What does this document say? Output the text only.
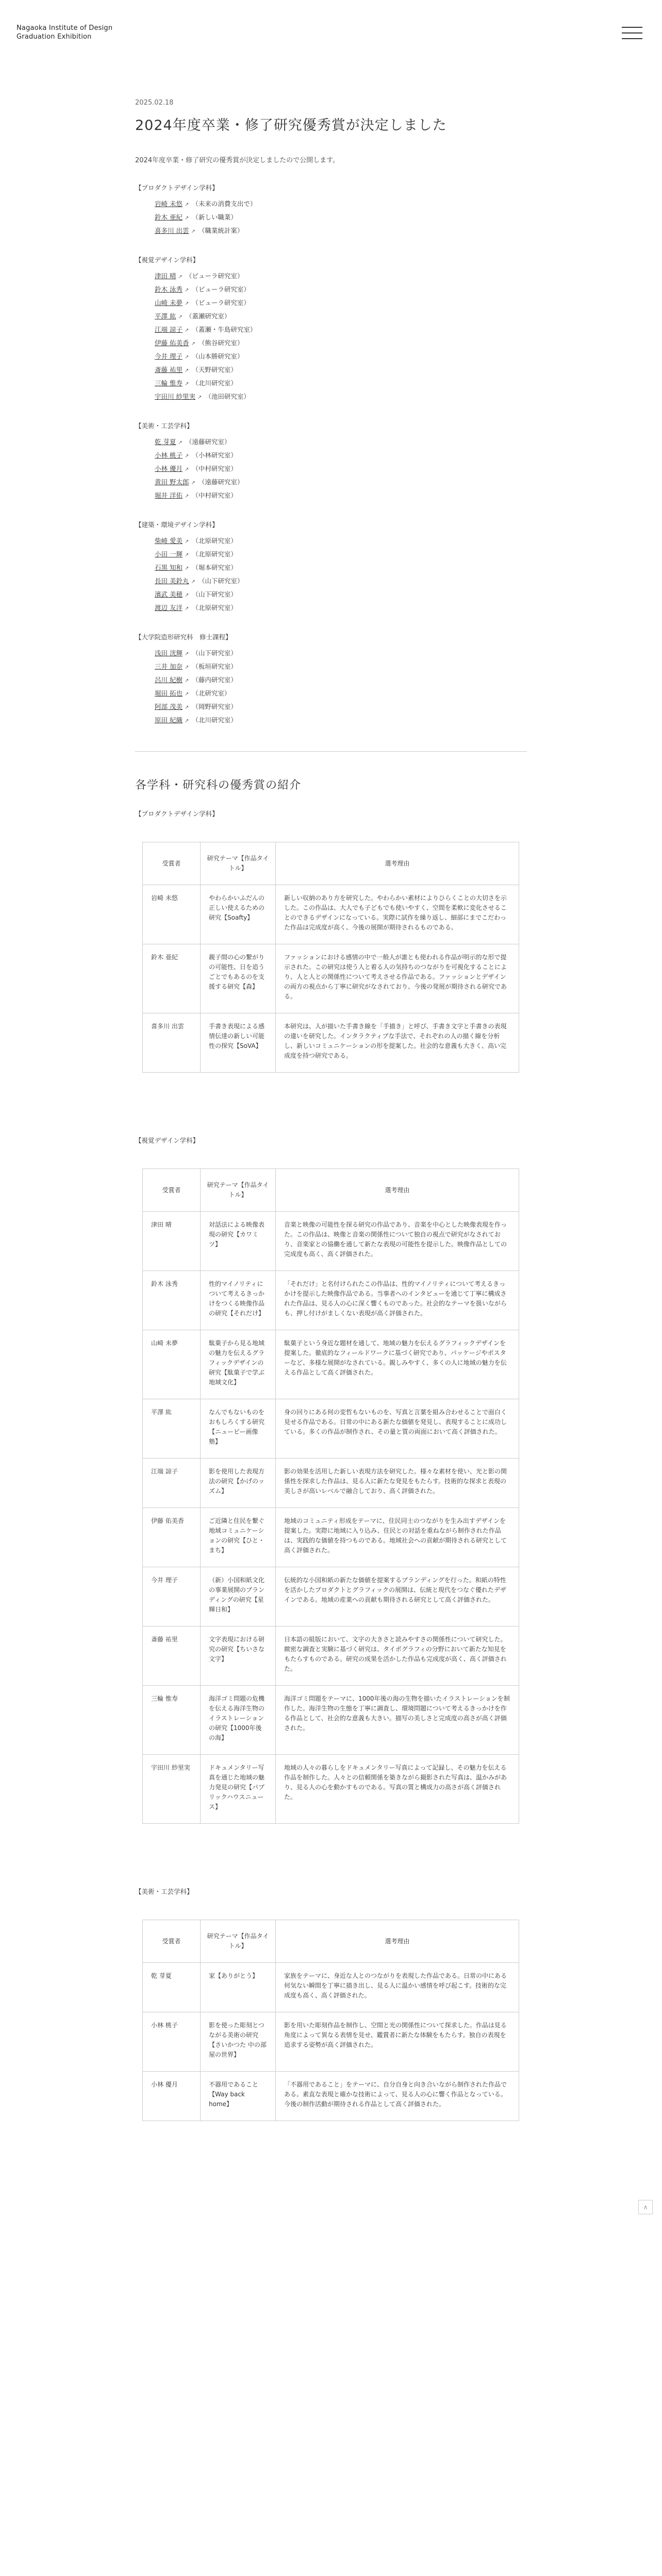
Nagaoka Institute of Design
Graduation Exhibition
2025.02.18
2024年度卒業・修了研究優秀賞が決定しました

2024年度卒業・修了研究の優秀賞が決定しましたので公開します。

【プロダクトデザイン学科】
岩崎 未悠 ↗ （未来の消費支出で）
鈴木 亜紀 ↗ （新しい職業）
喜多川 出雲 ↗ （職業統計案）
【視覚デザイン学科】
津田 晴 ↗ （ビューラ研究室）
鈴木 泳秀 ↗ （ビューラ研究室）
山崎 未夢 ↗ （ビューラ研究室）
平澤 紘 ↗ （蓋瀬研究室）
江端 諒子 ↗ （蓋瀬・牛島研究室）
伊藤 佑美香 ↗ （熊谷研究室）
今井 理子 ↗ （山本勝研究室）
斎藤 祐里 ↗ （天野研究室）
三輪 惟寿 ↗ （北川研究室）
宇田川 紗里実 ↗ （池田研究室）
【美術・工芸学科】
乾 芽夏 ↗ （遠藤研究室）
小林 桃子 ↗ （小林研究室）
小林 優月 ↗ （中村研究室）
黄田 野太郎 ↗ （遠藤研究室）
堀井 洋佑 ↗ （中村研究室）
【建築・環境デザイン学科】
柴崎 愛美 ↗ （北原研究室）
小田 一輝 ↗ （北原研究室）
石黒 知和 ↗ （堀本研究室）
長田 美鈴丸 ↗ （山下研究室）
濱武 美穂 ↗ （山下研究室）
渡辺 友洋 ↗ （北原研究室）
【大学院造形研究科　修士課程】
浅田 洸輝 ↗ （山下研究室）
三井 加奈 ↗ （板垣研究室）
呂川 紀樹 ↗ （藤内研究室）
堀田 拓也 ↗ （北研究室）
阿部 茂美 ↗ （岡野研究室）
原田 紀織 ↗ （北川研究室）
各学科・研究科の優秀賞の紹介
【プロダクトデザイン学科】
受賞者	研究テーマ【作品タイトル】	選考理由
岩崎 未悠	やわらかいふだんの正しい使えるための研究【Soafty】	新しい収納のあり方を研究した。やわらかい素材によりひらくことの大切さを示した。この作品は、大人でも子どもでも使いやすく、空間を柔軟に変化させることのできるデザインになっている。実際に試作を繰り返し、細部にまでこだわった作品は完成度が高く、今後の展開が期待されるものである。
鈴木 亜紀	親子間の心の繋がりの可能性、日を追うごとでもあるのを支援する研究【森】	ファッションにおける感情の中で一般人が誰とも使われる作品が明示的な形で提示された。この研究は使う人と着る人の気持ちのつながりを可視化することにより、人と人との関係性について考えさせる作品である。ファッションとデザインの両方の視点から丁寧に研究がなされており、今後の発展が期待される研究である。
喜多川 出雲	手書き表現による感情伝達の新しい可能性の探究【SoVA】	本研究は、人が描いた手書き線を「手描き」と呼び、手書き文字と手書きの表現の違いを研究した。インタラクティブな手法で、それぞれの人の描く線を分析し、新しいコミュニケーションの形を提案した。社会的な意義も大きく、高い完成度を持つ研究である。
【視覚デザイン学科】
受賞者	研究テーマ【作品タイトル】	選考理由
津田 晴	対話法による映像表現の研究【カワミツ】	音楽と映像の可能性を探る研究の作品であり、音楽を中心とした映像表現を作った。この作品は、映像と音楽の関係性について独自の視点で研究がなされており、音楽家との協働を通して新たな表現の可能性を提示した。映像作品としての完成度も高く、高く評価された。
鈴木 泳秀	性的マイノリティについて考えるきっかけをつくる映像作品の研究【それだけ】	「それだけ」と名付けられたこの作品は、性的マイノリティについて考えるきっかけを提示した映像作品である。当事者へのインタビューを通じて丁寧に構成された作品は、見る人の心に深く響くものであった。社会的なテーマを扱いながらも、押し付けがましくない表現が高く評価された。
山崎 未夢	駄菓子から見る地域の魅力を伝えるグラフィックデザインの研究【駄菓子で学ぶ地域文化】	駄菓子という身近な題材を通して、地域の魅力を伝えるグラフィックデザインを提案した。徹底的なフィールドワークに基づく研究であり、パッケージやポスターなど、多様な展開がなされている。親しみやすく、多くの人に地域の魅力を伝える作品として高く評価された。
平澤 紘	なんでもないものをおもしろくする研究【ニュービー画像塾】	身の回りにある何の変哲もないものを、写真と言葉を組み合わせることで面白く見せる作品である。日常の中にある新たな価値を発見し、表現することに成功している。多くの作品が制作され、その量と質の両面において高く評価された。
江端 諒子	影を使用した表現方法の研究【かげのッズム】	影の効果を活用した新しい表現方法を研究した。様々な素材を使い、光と影の関係性を探求した作品は、見る人に新たな発見をもたらす。技術的な探求と表現の美しさが高いレベルで融合しており、高く評価された。
伊藤 佑美香	ご近隣と住民を繋ぐ地域コミュニケーションの研究【ひと・まち】	地域のコミュニティ形成をテーマに、住民同士のつながりを生み出すデザインを提案した。実際に地域に入り込み、住民との対話を重ねながら制作された作品は、実践的な価値を持つものである。地域社会への貢献が期待される研究として高く評価された。
今井 理子	（新）小国和紙文化の事業展開のブランディングの研究【星輝日和】	伝統的な小国和紙の新たな価値を提案するブランディングを行った。和紙の特性を活かしたプロダクトとグラフィックの展開は、伝統と現代をつなぐ優れたデザインである。地域の産業への貢献も期待される研究として高く評価された。
斎藤 祐里	文字表現における研究の研究【ちいさな文字】	日本語の組版において、文字の大きさと読みやすさの関係性について研究した。緻密な調査と実験に基づく研究は、タイポグラフィの分野において新たな知見をもたらすものである。研究の成果を活かした作品も完成度が高く、高く評価された。
三輪 惟寿	海洋ゴミ問題の危機を伝える海洋生物のイラストレーションの研究【1000年後の海】	海洋ゴミ問題をテーマに、1000年後の海の生物を描いたイラストレーションを制作した。海洋生物の生態を丁寧に調査し、環境問題について考えるきっかけを作る作品として、社会的な意義も大きい。描写の美しさと完成度の高さが高く評価された。
宇田川 紗里実	ドキュメンタリー写真を通じた地域の魅力発見の研究【パブリックハウスニュース】	地域の人々の暮らしをドキュメンタリー写真によって記録し、その魅力を伝える作品を制作した。人々との信頼関係を築きながら撮影された写真は、温かみがあり、見る人の心を動かすものである。写真の質と構成力の高さが高く評価された。
【美術・工芸学科】
受賞者	研究テーマ【作品タイトル】	選考理由
乾 芽夏	家【ありがとう】	家族をテーマに、身近な人とのつながりを表現した作品である。日常の中にある何気ない瞬間を丁寧に描き出し、見る人に温かい感情を呼び起こす。技術的な完成度も高く、高く評価された。
小林 桃子	影を使った彫刻とつながる美術の研究【さいかつた 中の部屋の世界】	影を用いた彫刻作品を制作し、空間と光の関係性について探求した。作品は見る角度によって異なる表情を見せ、鑑賞者に新たな体験をもたらす。独自の表現を追求する姿勢が高く評価された。
小林 優月	不器用であること【Way back home】	「不器用であること」をテーマに、自分自身と向き合いながら制作された作品である。素直な表現と確かな技術によって、見る人の心に響く作品となっている。今後の制作活動が期待される作品として高く評価された。
∧
